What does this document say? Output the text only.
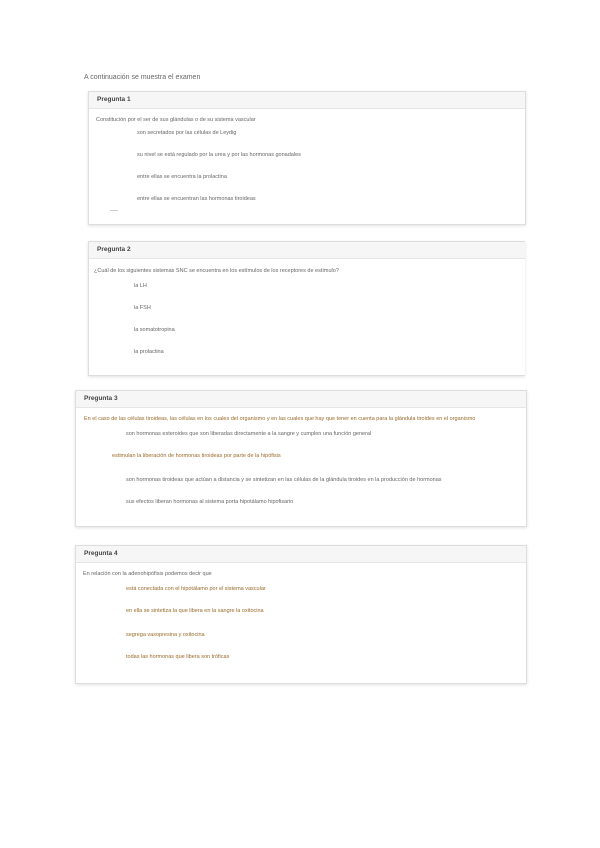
A continuación se muestra el examen
Pregunta 1
Constitución por el ser de sus glándulas o de su sistema vascular
son secretados por las células de Leydig
su nivel se está regulado por la urea y por las hormonas gonadales
entre ellas se encuentra la prolactina
entre ellas se encuentran las hormonas tiroideas
Pregunta 2
¿Cuál de los siguientes sistemas SNC se encuentra en los estímulos de los receptores de estímulo?
la LH
la FSH
la somatotropina
la prolactina
Pregunta 3
En el caso de las células tiroideas, las células en los cuales del organismo y en las cuales que hay que tener en cuenta para la glándula tiroides en el organismo
son hormonas esteroides que son liberadas directamente a la sangre y cumplen una función general
estimulan la liberación de hormonas tiroideas por parte de la hipófisis
son hormonas tiroideas que actúan a distancia y se sintetizan en las células de la glándula tiroides en la producción de hormonas
sus efectos liberan hormonas al sistema porta hipotálamo hipofisario
Pregunta 4
En relación con la adenohipófisis podemos decir que
está conectada con el hipotálamo por el sistema vascular
en ella se sintetiza la que libera en la sangre la oxitocina
segrega vasopresina y oxitocina
todas las hormonas que libera son tróficas
